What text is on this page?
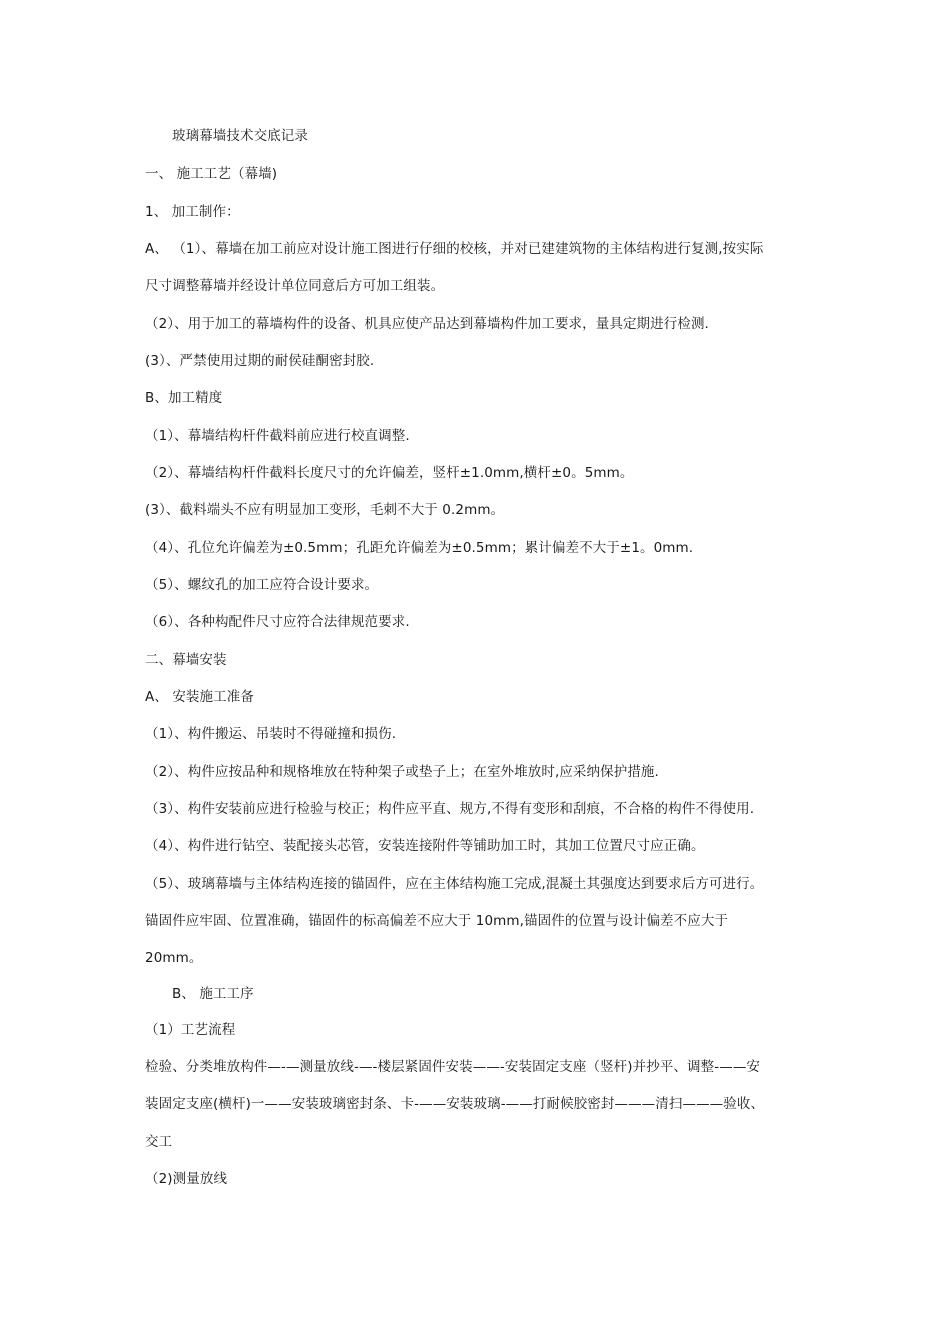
玻璃幕墙技术交底记录
一、 施工工艺（幕墙)
1、 加工制作：
A、 （1）、幕墙在加工前应对设计施工图进行仔细的校核，并对已建建筑物的主体结构进行复测,按实际
尺寸调整幕墙并经设计单位同意后方可加工组装。
（2）、用于加工的幕墙构件的设备、机具应使产品达到幕墙构件加工要求，量具定期进行检测.
(3）、严禁使用过期的耐侯硅酮密封胶.
B、加工精度
（1）、幕墙结构杆件截料前应进行校直调整.
（2）、幕墙结构杆件截料长度尺寸的允许偏差，竖杆±1.0mm,横杆±0。5mm。
(3）、截料端头不应有明显加工变形，毛刺不大于 0.2mm。
（4）、孔位允许偏差为±0.5mm；孔距允许偏差为±0.5mm；累计偏差不大于±1。0mm.
（5）、螺纹孔的加工应符合设计要求。
（6）、各种构配件尺寸应符合法律规范要求.
二、幕墙安装
A、 安装施工准备
（1）、构件搬运、吊装时不得碰撞和损伤.
（2）、构件应按品种和规格堆放在特种架子或垫子上；在室外堆放时,应采纳保护措施.
（3）、构件安装前应进行检验与校正；构件应平直、规方,不得有变形和刮痕，不合格的构件不得使用.
（4）、构件进行钻空、装配接头芯管，安装连接附件等铺助加工时，其加工位置尺寸应正确。
（5）、玻璃幕墙与主体结构连接的锚固件，应在主体结构施工完成,混凝土其强度达到要求后方可进行。
锚固件应牢固、位置准确，锚固件的标高偏差不应大于 10mm,锚固件的位置与设计偏差不应大于
20mm。
B、 施工工序
（1）工艺流程
检验、分类堆放构件—-—测量放线-—-楼层紧固件安装——-安装固定支座（竖杆)并抄平、调整-——安
装固定支座(横杆)一——安装玻璃密封条、卡-——安装玻璃-——打耐候胶密封———清扫———验收、
交工
（2)测量放线
